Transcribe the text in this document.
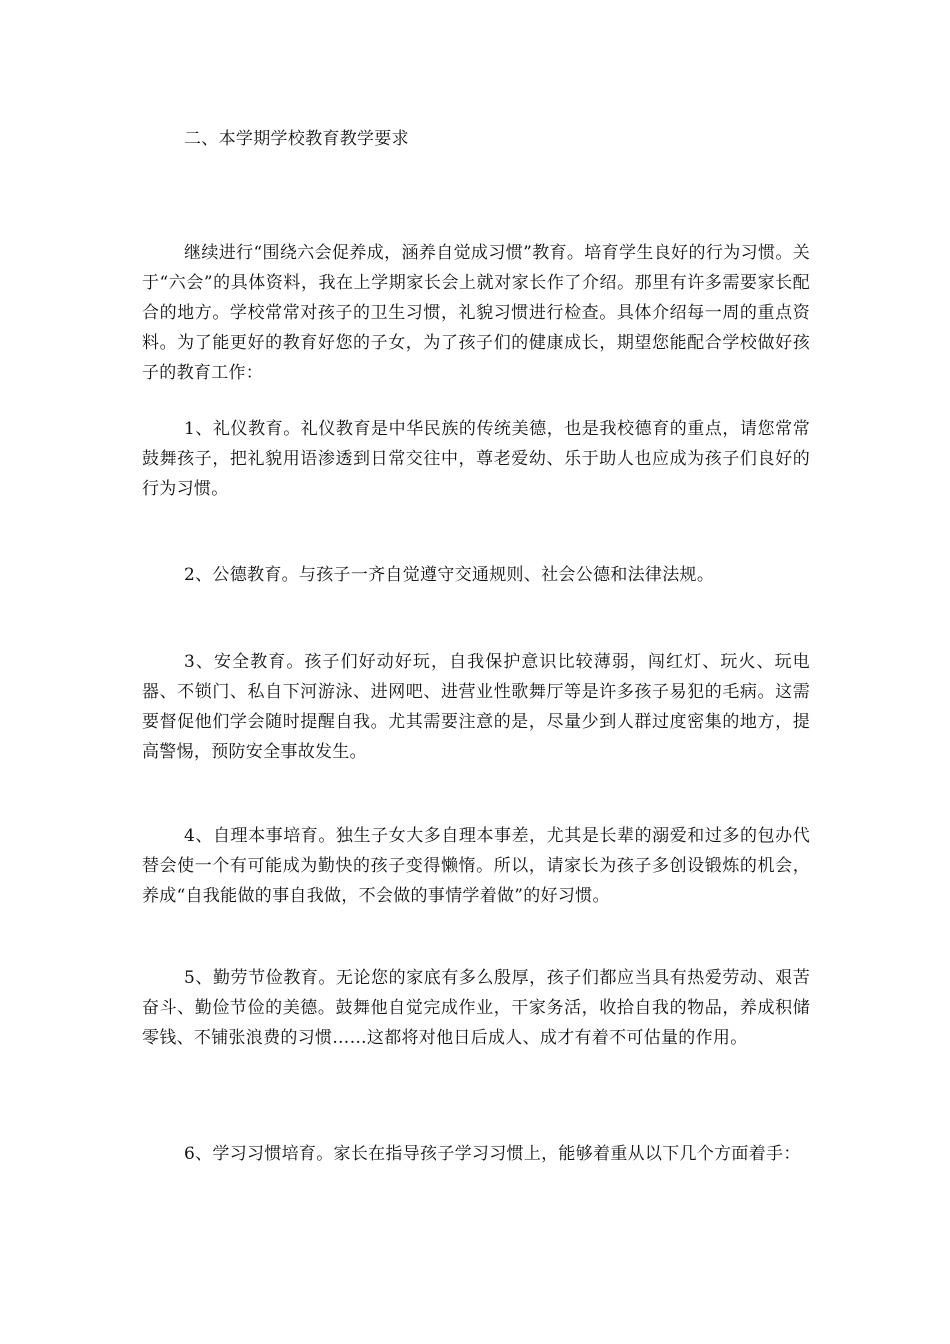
二、本学期学校教育教学要求

继续进行“围绕六会促养成，涵养自觉成习惯”教育。培育学生良好的行为习惯。关于“六会”的具体资料，我在上学期家长会上就对家长作了介绍。那里有许多需要家长配合的地方。学校常常对孩子的卫生习惯，礼貌习惯进行检查。具体介绍每一周的重点资料。为了能更好的教育好您的子女，为了孩子们的健康成长，期望您能配合学校做好孩子的教育工作：

1、礼仪教育。礼仪教育是中华民族的传统美德，也是我校德育的重点，请您常常鼓舞孩子，把礼貌用语渗透到日常交往中，尊老爱幼、乐于助人也应成为孩子们良好的行为习惯。

2、公德教育。与孩子一齐自觉遵守交通规则、社会公德和法律法规。

3、安全教育。孩子们好动好玩，自我保护意识比较薄弱，闯红灯、玩火、玩电器、不锁门、私自下河游泳、进网吧、进营业性歌舞厅等是许多孩子易犯的毛病。这需要督促他们学会随时提醒自我。尤其需要注意的是，尽量少到人群过度密集的地方，提高警惕，预防安全事故发生。

4、自理本事培育。独生子女大多自理本事差，尤其是长辈的溺爱和过多的包办代替会使一个有可能成为勤快的孩子变得懒惰。所以，请家长为孩子多创设锻炼的机会，养成“自我能做的事自我做，不会做的事情学着做”的好习惯。

5、勤劳节俭教育。无论您的家底有多么殷厚，孩子们都应当具有热爱劳动、艰苦奋斗、勤俭节俭的美德。鼓舞他自觉完成作业，干家务活，收拾自我的物品，养成积储零钱、不铺张浪费的习惯……这都将对他日后成人、成才有着不可估量的作用。

6、学习习惯培育。家长在指导孩子学习习惯上，能够着重从以下几个方面着手：
